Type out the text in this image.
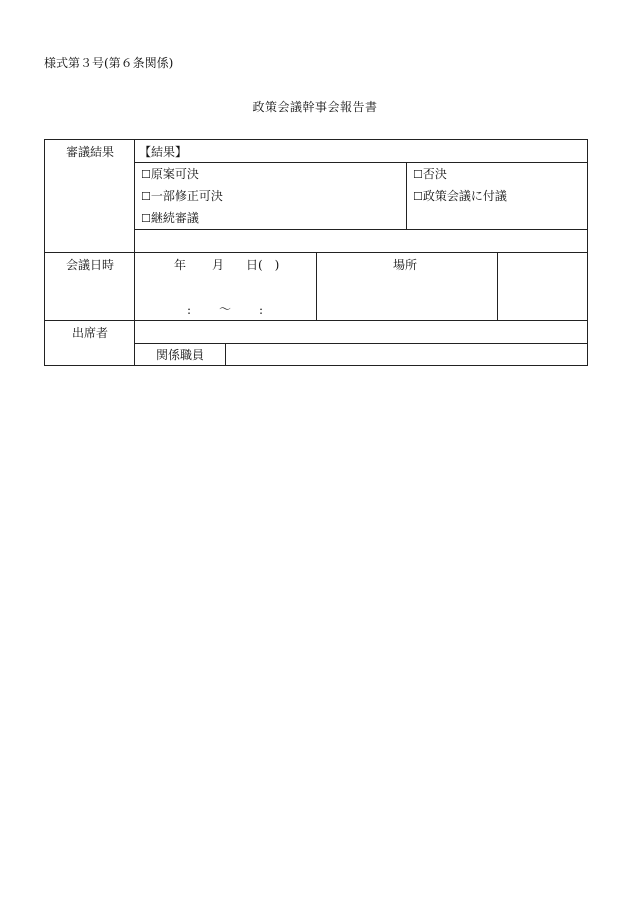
様式第３号(第６条関係)
政策会議幹事会報告書
審議結果 【結果】
☐原案可決
☐一部修正可決
☐継続審議
☐否決
☐政策会議に付議
会議日時	年 月 日(　)
: ～ :
場所
出席者
関係職員
